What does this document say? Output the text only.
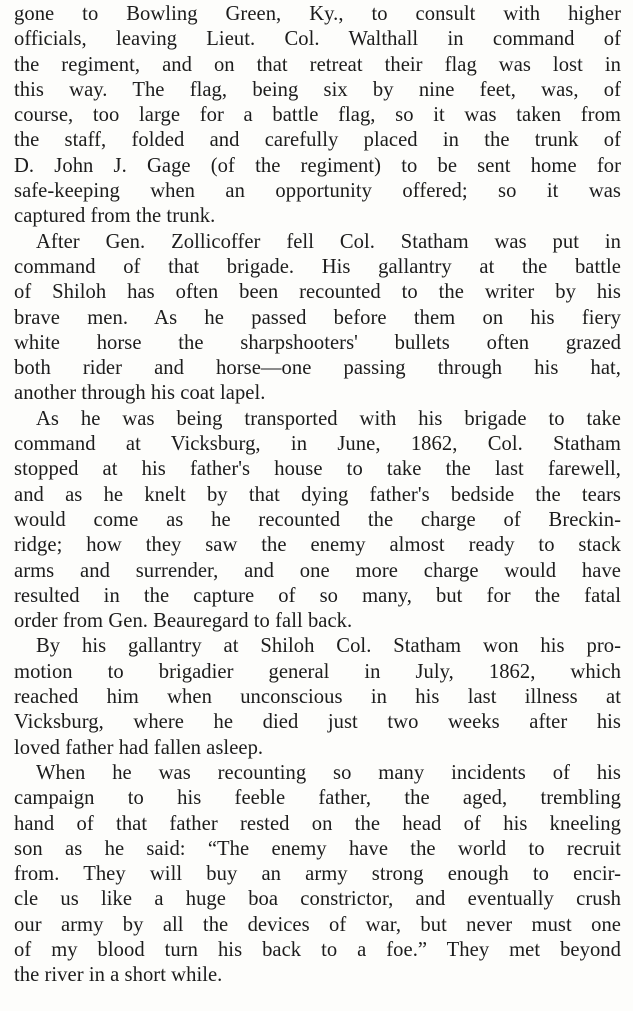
gone to Bowling Green, Ky., to consult with higher
officials, leaving Lieut. Col. Walthall in command of
the regiment, and on that retreat their flag was lost in
this way. The flag, being six by nine feet, was, of
course, too large for a battle flag, so it was taken from
the staff, folded and carefully placed in the trunk of
D. John J. Gage (of the regiment) to be sent home for
safe-keeping when an opportunity offered; so it was
captured from the trunk.
After Gen. Zollicoffer fell Col. Statham was put in
command of that brigade. His gallantry at the battle
of Shiloh has often been recounted to the writer by his
brave men. As he passed before them on his fiery
white horse the sharpshooters' bullets often grazed
both rider and horse—one passing through his hat,
another through his coat lapel.
As he was being transported with his brigade to take
command at Vicksburg, in June, 1862, Col. Statham
stopped at his father's house to take the last farewell,
and as he knelt by that dying father's bedside the tears
would come as he recounted the charge of Breckin-
ridge; how they saw the enemy almost ready to stack
arms and surrender, and one more charge would have
resulted in the capture of so many, but for the fatal
order from Gen. Beauregard to fall back.
By his gallantry at Shiloh Col. Statham won his pro-
motion to brigadier general in July, 1862, which
reached him when unconscious in his last illness at
Vicksburg, where he died just two weeks after his
loved father had fallen asleep.
When he was recounting so many incidents of his
campaign to his feeble father, the aged, trembling
hand of that father rested on the head of his kneeling
son as he said: “The enemy have the world to recruit
from. They will buy an army strong enough to encir-
cle us like a huge boa constrictor, and eventually crush
our army by all the devices of war, but never must one
of my blood turn his back to a foe.” They met beyond
the river in a short while.
